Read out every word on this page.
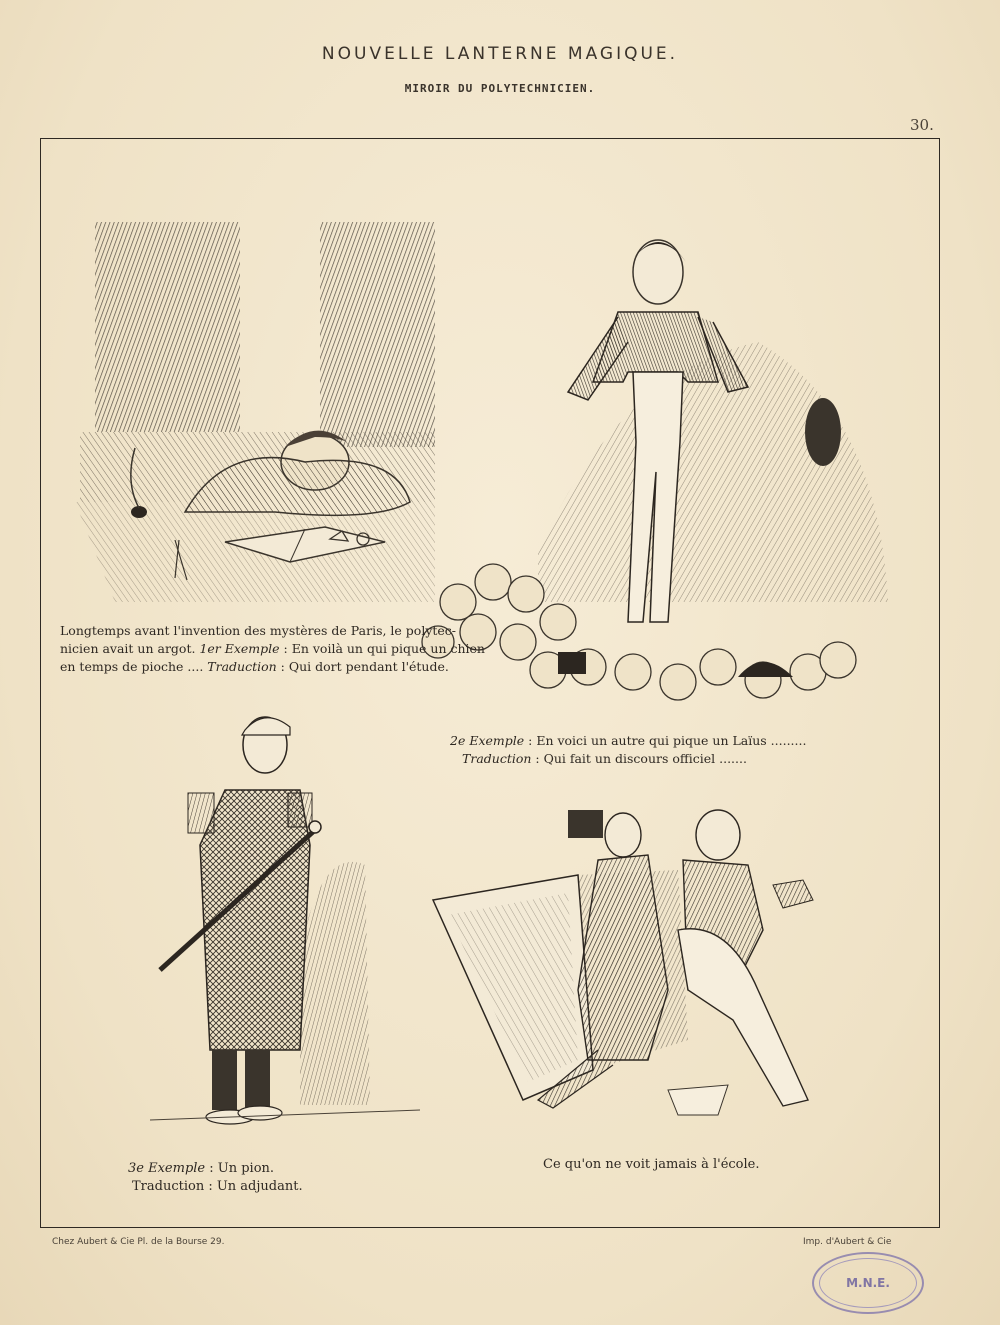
NOUVELLE LANTERNE MAGIQUE.
MIROIR DU POLYTECHNICIEN.
30.
Longtemps avant l'invention des mystères de Paris, le polytec-
nicien avait un argot. 1er Exemple : En voilà un qui pique un chien
en temps de pioche .... Traduction : Qui dort pendant l'étude.
2e Exemple : En voici un autre qui pique un Laïus .........
Traduction : Qui fait un discours officiel .......
3e Exemple : Un pion.
Traduction : Un adjudant.
Ce qu'on ne voit jamais à l'école.
Chez Aubert & Cie Pl. de la Bourse 29.	Imp. d'Aubert & Cie
M.N.E.
